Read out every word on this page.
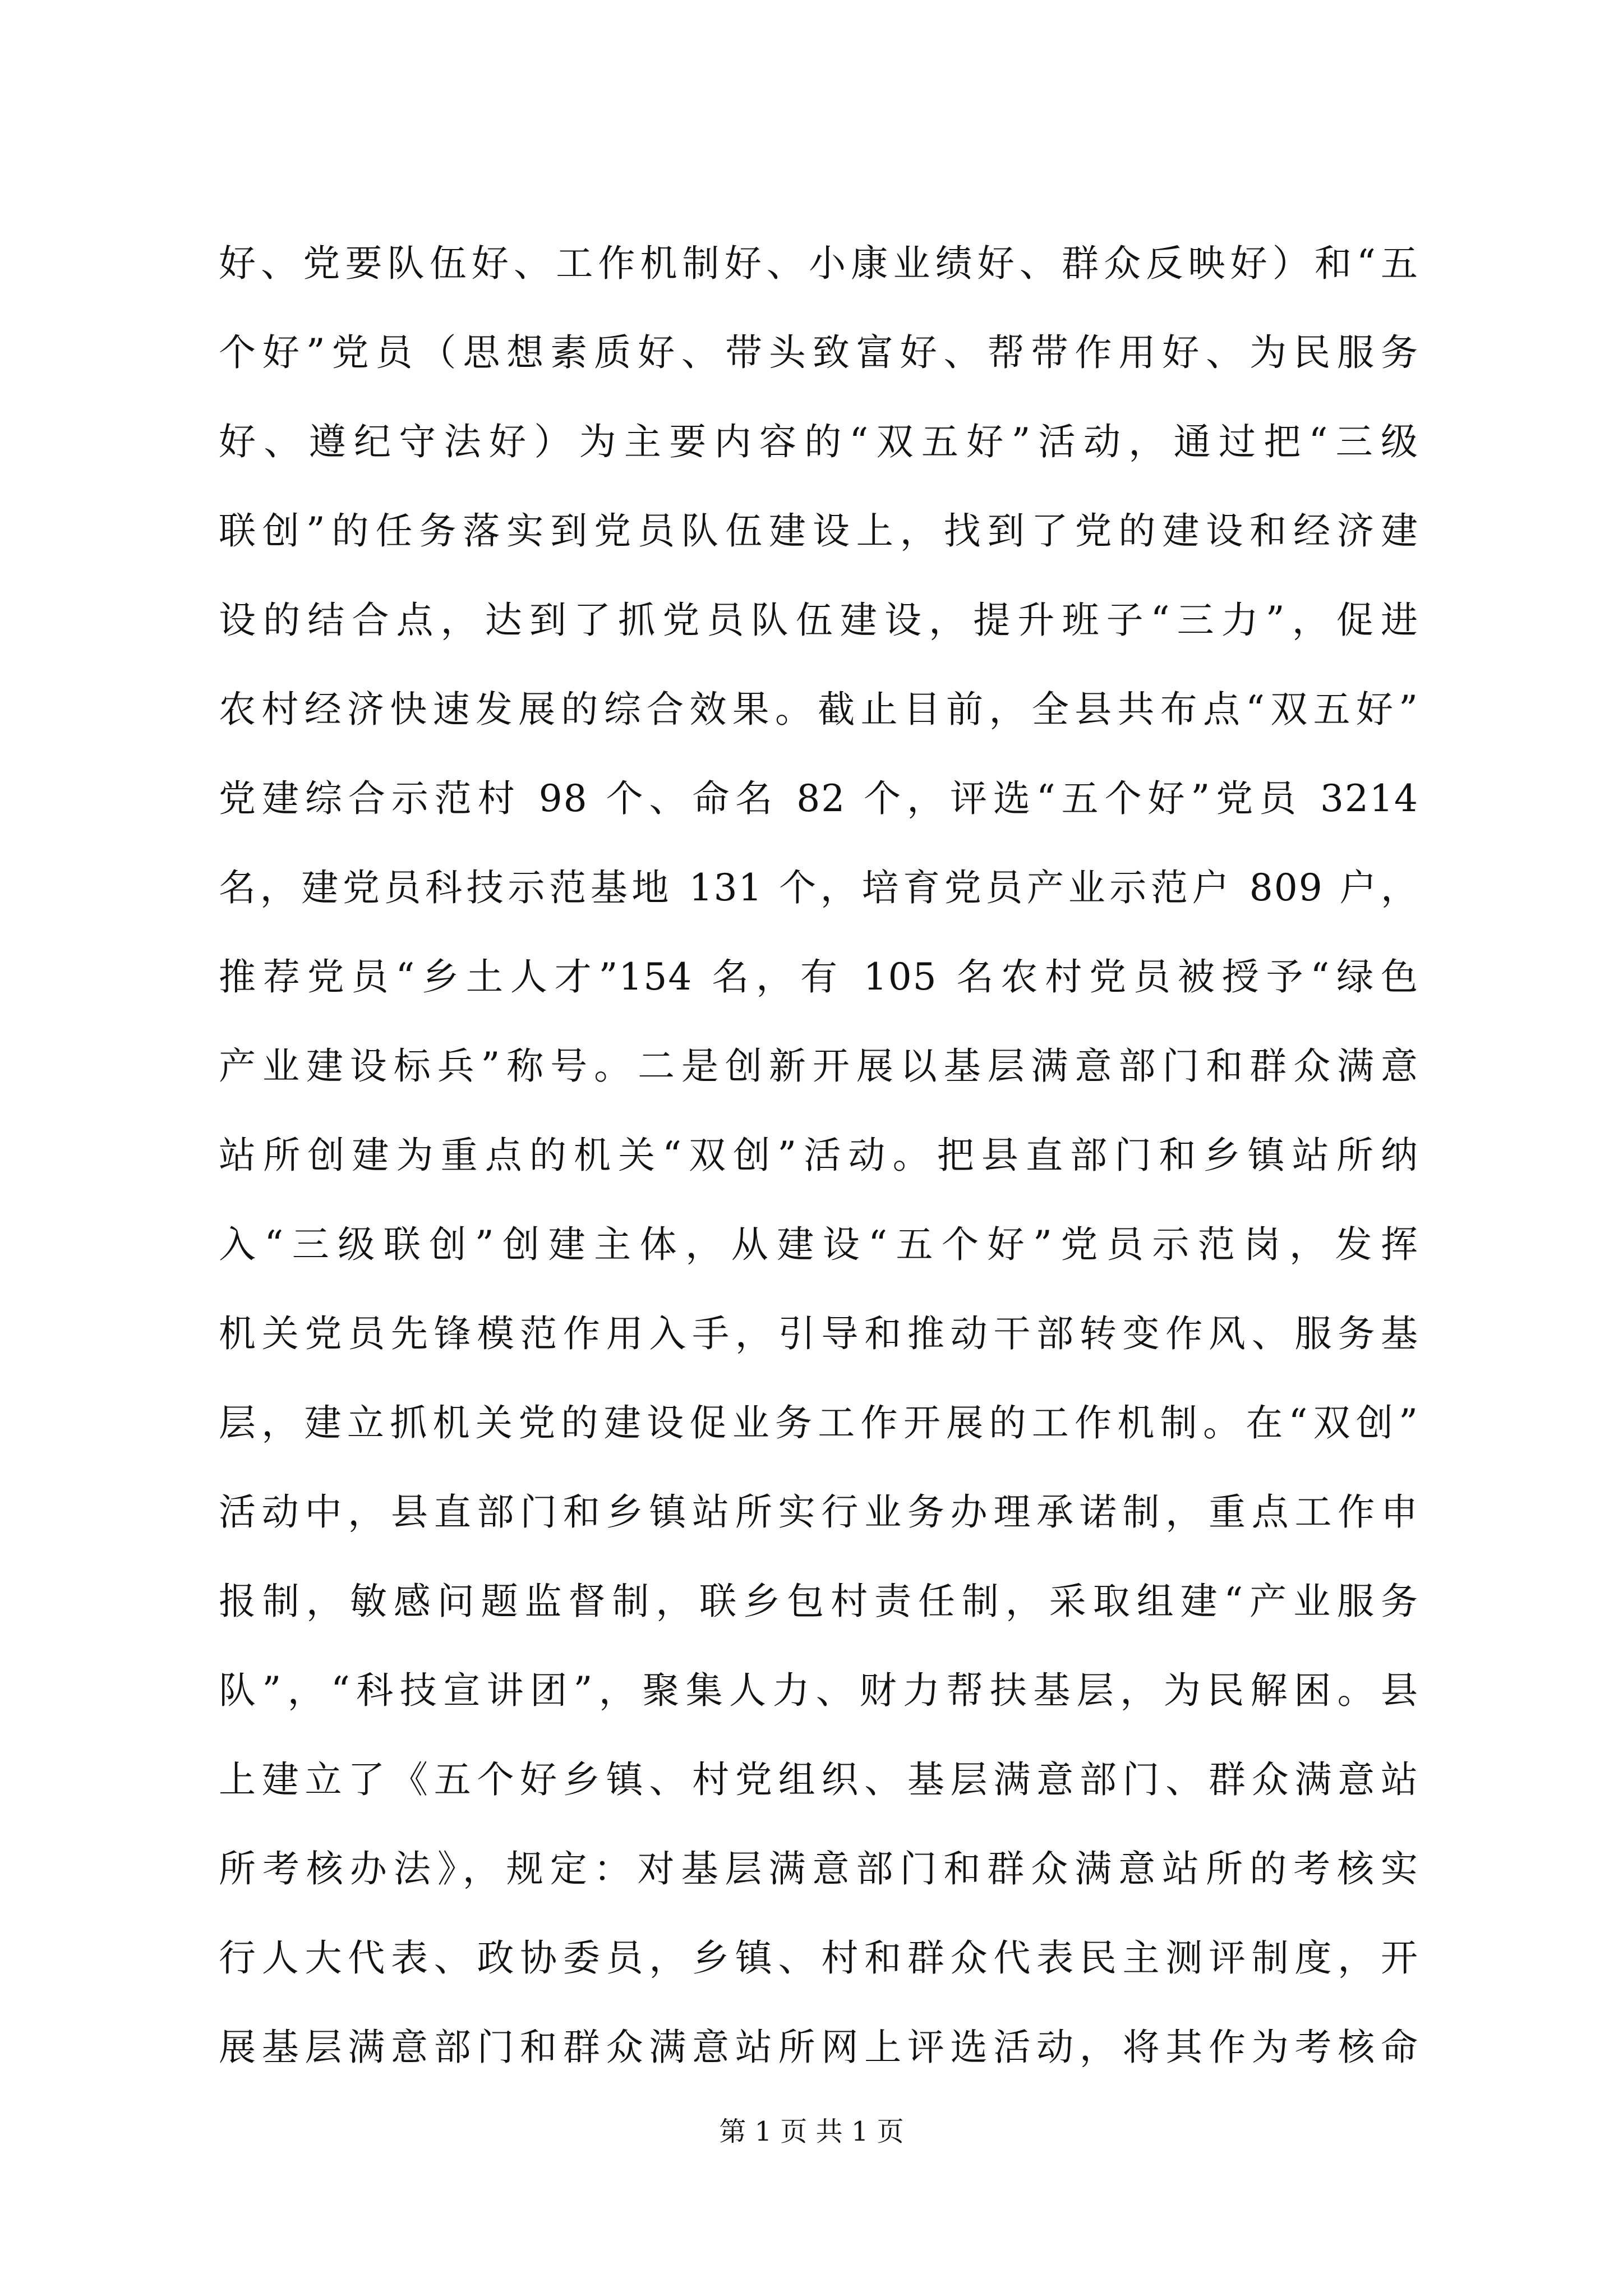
好、党要队伍好、工作机制好、小康业绩好、群众反映好）和“五
个好”党员（思想素质好、带头致富好、帮带作用好、为民服务
好、遵纪守法好）为主要内容的“双五好”活动，通过把“三级
联创”的任务落实到党员队伍建设上，找到了党的建设和经济建
设的结合点，达到了抓党员队伍建设，提升班子“三力”，促进
农村经济快速发展的综合效果。截止目前，全县共布点“双五好”
党建综合示范村 98 个、命名 82 个，评选“五个好”党员 3214
名，建党员科技示范基地 131 个，培育党员产业示范户 809 户，
推荐党员“乡土人才”154 名，有 105 名农村党员被授予“绿色
产业建设标兵”称号。二是创新开展以基层满意部门和群众满意
站所创建为重点的机关“双创”活动。把县直部门和乡镇站所纳
入“三级联创”创建主体，从建设“五个好”党员示范岗，发挥
机关党员先锋模范作用入手，引导和推动干部转变作风、服务基
层，建立抓机关党的建设促业务工作开展的工作机制。在“双创”
活动中，县直部门和乡镇站所实行业务办理承诺制，重点工作申
报制，敏感问题监督制，联乡包村责任制，采取组建“产业服务
队”，“科技宣讲团”，聚集人力、财力帮扶基层，为民解困。县
上建立了《五个好乡镇、村党组织、基层满意部门、群众满意站
所考核办法》，规定：对基层满意部门和群众满意站所的考核实
行人大代表、政协委员，乡镇、村和群众代表民主测评制度，开
展基层满意部门和群众满意站所网上评选活动，将其作为考核命
第 1 页 共 1 页
